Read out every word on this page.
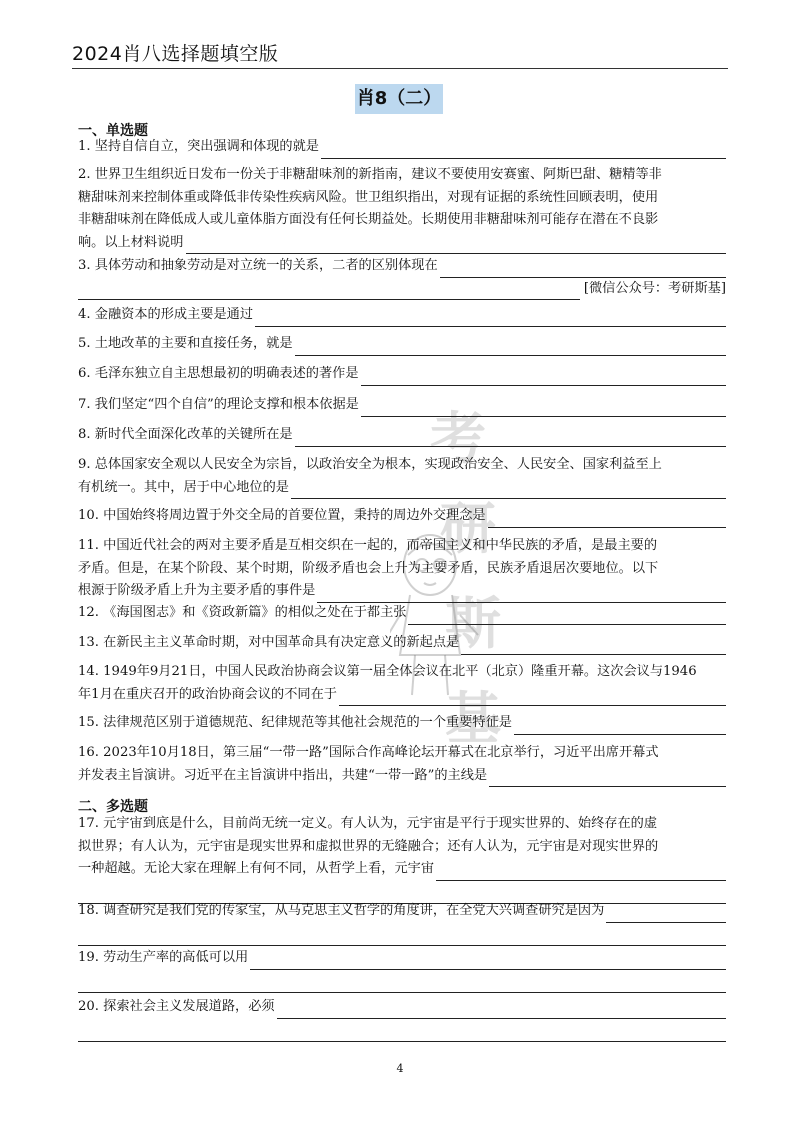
2024肖八选择题填空版
肖8（二）
考
研
斯
基
一、单选题
1. 坚持自信自立，突出强调和体现的就是
2. 世界卫生组织近日发布一份关于非糖甜味剂的新指南，建议不要使用安赛蜜、阿斯巴甜、糖精等非
糖甜味剂来控制体重或降低非传染性疾病风险。世卫组织指出，对现有证据的系统性回顾表明，使用
非糖甜味剂在降低成人或儿童体脂方面没有任何长期益处。长期使用非糖甜味剂可能存在潜在不良影
响。以上材料说明
3. 具体劳动和抽象劳动是对立统一的关系，二者的区别体现在
[微信公众号：考研斯基]
4. 金融资本的形成主要是通过
5. 土地改革的主要和直接任务，就是
6. 毛泽东独立自主思想最初的明确表述的著作是
7. 我们坚定“四个自信”的理论支撑和根本依据是
8. 新时代全面深化改革的关键所在是
9. 总体国家安全观以人民安全为宗旨，以政治安全为根本，实现政治安全、人民安全、国家利益至上
有机统一。其中，居于中心地位的是
10. 中国始终将周边置于外交全局的首要位置，秉持的周边外交理念是
11. 中国近代社会的两对主要矛盾是互相交织在一起的，而帝国主义和中华民族的矛盾，是最主要的
矛盾。但是，在某个阶段、某个时期，阶级矛盾也会上升为主要矛盾，民族矛盾退居次要地位。以下
根源于阶级矛盾上升为主要矛盾的事件是
12. 《海国图志》和《资政新篇》的相似之处在于都主张
13. 在新民主主义革命时期，对中国革命具有决定意义的新起点是
14. 1949年9月21日，中国人民政治协商会议第一届全体会议在北平（北京）隆重开幕。这次会议与1946
年1月在重庆召开的政治协商会议的不同在于
15. 法律规范区别于道德规范、纪律规范等其他社会规范的一个重要特征是
16. 2023年10月18日，第三届“一带一路”国际合作高峰论坛开幕式在北京举行，习近平出席开幕式
并发表主旨演讲。习近平在主旨演讲中指出，共建“一带一路”的主线是
二、多选题
17. 元宇宙到底是什么，目前尚无统一定义。有人认为，元宇宙是平行于现实世界的、始终存在的虚
拟世界；有人认为，元宇宙是现实世界和虚拟世界的无缝融合；还有人认为，元宇宙是对现实世界的
一种超越。无论大家在理解上有何不同，从哲学上看，元宇宙
18. 调查研究是我们党的传家宝，从马克思主义哲学的角度讲，在全党大兴调查研究是因为
19. 劳动生产率的高低可以用
20. 探索社会主义发展道路，必须
4
